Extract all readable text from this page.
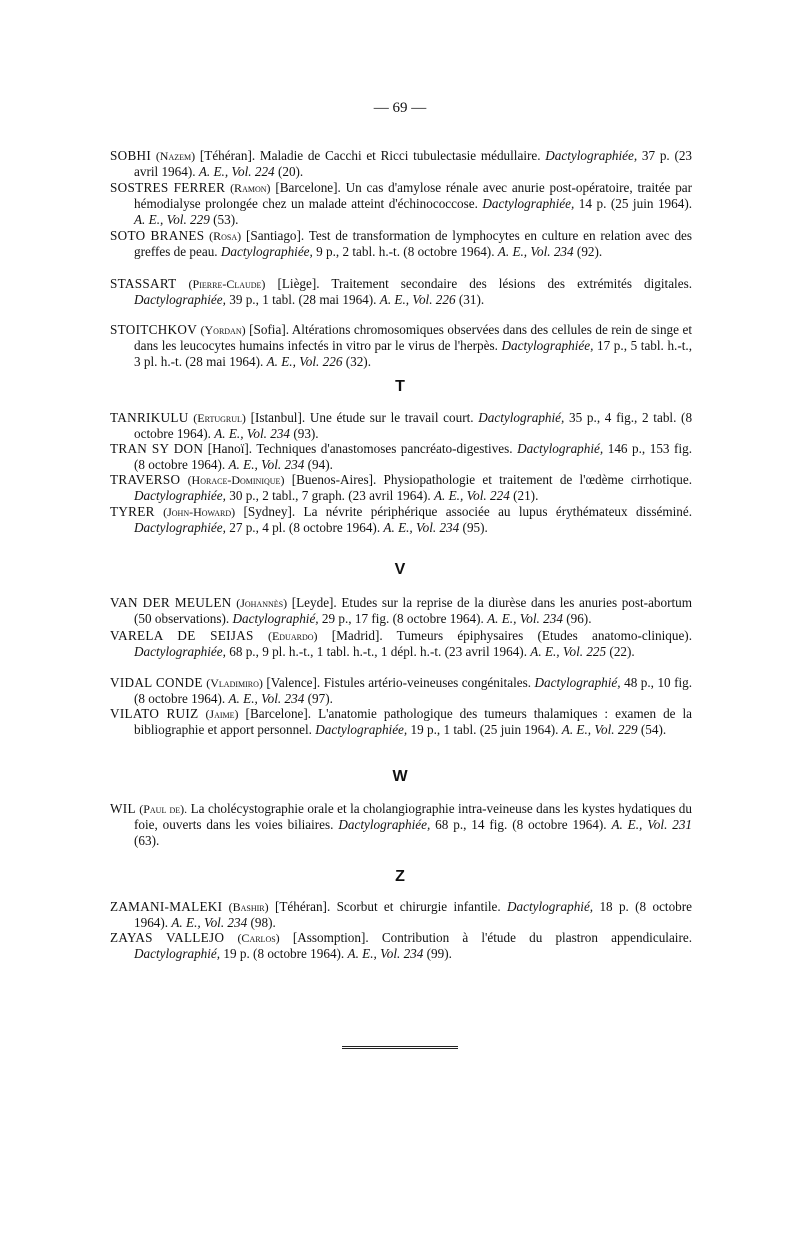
— 69 —
SOBHI (Nazem) [Téhéran]. Maladie de Cacchi et Ricci tubulectasie médullaire. Dactylographiée, 37 p. (23 avril 1964). A. E., Vol. 224 (20).
SOSTRES FERRER (Ramon) [Barcelone]. Un cas d'amylose rénale avec anurie post-opératoire, traitée par hémodialyse prolongée chez un malade atteint d'échinococcose. Dactylographiée, 14 p. (25 juin 1964). A. E., Vol. 229 (53).
SOTO BRANES (Rosa) [Santiago]. Test de transformation de lymphocytes en culture en relation avec des greffes de peau. Dactylographiée, 9 p., 2 tabl. h.-t. (8 octobre 1964). A. E., Vol. 234 (92).
STASSART (Pierre-Claude) [Liège]. Traitement secondaire des lésions des extrémités digitales. Dactylographiée, 39 p., 1 tabl. (28 mai 1964). A. E., Vol. 226 (31).
STOITCHKOV (Yordan) [Sofia]. Altérations chromosomiques observées dans des cellules de rein de singe et dans les leucocytes humains infectés in vitro par le virus de l'herpès. Dactylographiée, 17 p., 5 tabl. h.-t., 3 pl. h.-t. (28 mai 1964). A. E., Vol. 226 (32).
T
TANRIKULU (Ertugrul) [Istanbul]. Une étude sur le travail court. Dactylographié, 35 p., 4 fig., 2 tabl. (8 octobre 1964). A. E., Vol. 234 (93).
TRAN SY DON [Hanoï]. Techniques d'anastomoses pancréato-digestives. Dactylographié, 146 p., 153 fig. (8 octobre 1964). A. E., Vol. 234 (94).
TRAVERSO (Horace-Dominique) [Buenos-Aires]. Physiopathologie et traitement de l'œdème cirrhotique. Dactylographiée, 30 p., 2 tabl., 7 graph. (23 avril 1964). A. E., Vol. 224 (21).
TYRER (John-Howard) [Sydney]. La névrite périphérique associée au lupus érythémateux disséminé. Dactylographiée, 27 p., 4 pl. (8 octobre 1964). A. E., Vol. 234 (95).
V
VAN DER MEULEN (Johannès) [Leyde]. Etudes sur la reprise de la diurèse dans les anuries post-abortum (50 observations). Dactylographié, 29 p., 17 fig. (8 octobre 1964). A. E., Vol. 234 (96).
VARELA DE SEIJAS (Eduardo) [Madrid]. Tumeurs épiphysaires (Etudes anatomo-clinique). Dactylographiée, 68 p., 9 pl. h.-t., 1 tabl. h.-t., 1 dépl. h.-t. (23 avril 1964). A. E., Vol. 225 (22).
VIDAL CONDE (Vladimiro) [Valence]. Fistules artério-veineuses congénitales. Dactylographié, 48 p., 10 fig. (8 octobre 1964). A. E., Vol. 234 (97).
VILATO RUIZ (Jaime) [Barcelone]. L'anatomie pathologique des tumeurs thalamiques : examen de la bibliographie et apport personnel. Dactylographiée, 19 p., 1 tabl. (25 juin 1964). A. E., Vol. 229 (54).
W
WIL (Paul de). La cholécystographie orale et la cholangiographie intra-veineuse dans les kystes hydatiques du foie, ouverts dans les voies biliaires. Dactylographiée, 68 p., 14 fig. (8 octobre 1964). A. E., Vol. 231 (63).
Z
ZAMANI-MALEKI (Bashir) [Téhéran]. Scorbut et chirurgie infantile. Dactylographié, 18 p. (8 octobre 1964). A. E., Vol. 234 (98).
ZAYAS VALLEJO (Carlos) [Assomption]. Contribution à l'étude du plastron appendiculaire. Dactylographié, 19 p. (8 octobre 1964). A. E., Vol. 234 (99).
